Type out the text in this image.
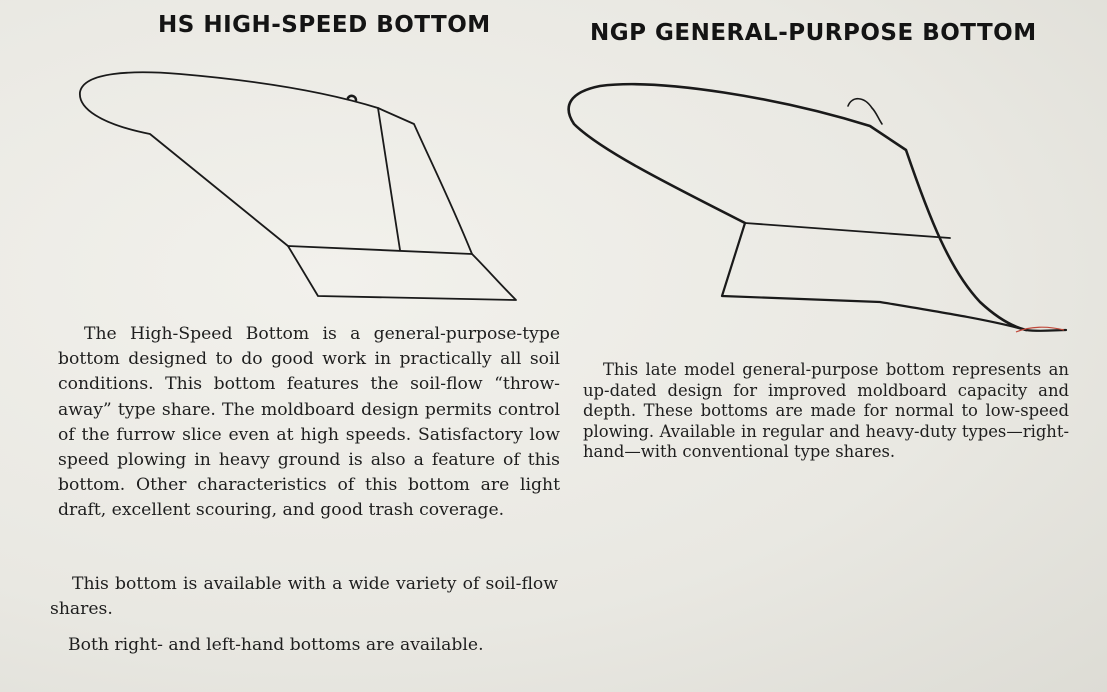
HS HIGH-SPEED BOTTOM	NGP GENERAL-PURPOSE BOTTOM

The High-Speed Bottom is a general-purpose-type bottom designed to do good work in practically all soil conditions. This bottom features the soil-flow “throw-away” type share. The moldboard design permits control of the furrow slice even at high speeds. Satisfactory low speed plowing in heavy ground is also a feature of this bottom. Other characteristics of this bottom are light draft, excellent scouring, and good trash coverage.

This bottom is available with a wide variety of soil-flow shares.

Both right- and left-hand bottoms are available.

This late model general-purpose bottom represents an up-dated design for improved moldboard capacity and depth. These bottoms are made for normal to low-speed plowing. Available in regular and heavy-duty types—right-hand—with conventional type shares.
